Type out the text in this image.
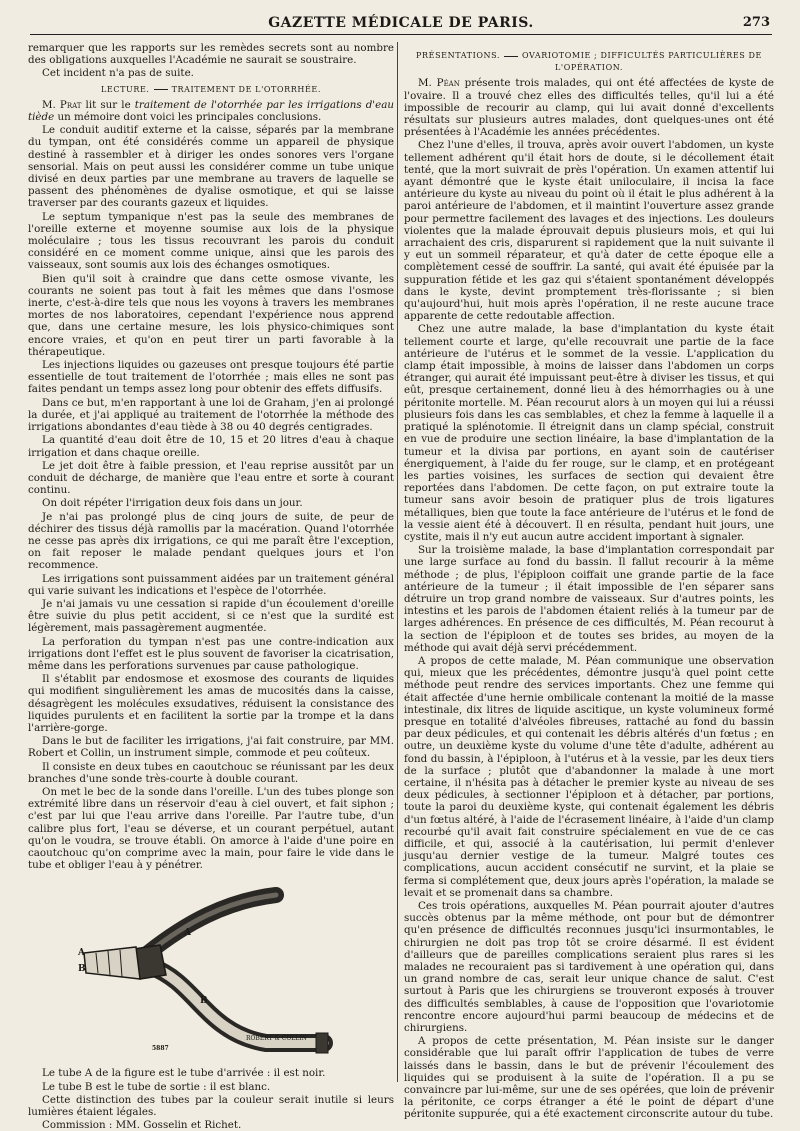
GAZETTE MÉDICALE DE PARIS.	273

remarquer que les rapports sur les remèdes secrets sont au nombre des obligations auxquelles l'Académie ne saurait se soustraire.

Cet incident n'a pas de suite.

LECTURE.	TRAITEMENT DE L'OTORRHÉE.

M. Prat lit sur le traitement de l'otorrhée par les irrigations d'eau tiède un mémoire dont voici les principales conclusions.

Le conduit auditif externe et la caisse, séparés par la membrane du tympan, ont été considérés comme un appareil de physique destiné à rassembler et à diriger les ondes sonores vers l'organe sensorial. Mais on peut aussi les considérer comme un tube unique divisé en deux parties par une membrane au travers de laquelle se passent des phénomènes de dyalise osmotique, et qui se laisse traverser par des courants gazeux et liquides.

Le septum tympanique n'est pas la seule des membranes de l'oreille externe et moyenne soumise aux lois de la physique moléculaire ; tous les tissus recouvrant les parois du conduit considéré en ce moment comme unique, ainsi que les parois des vaisseaux, sont soumis aux lois des échanges osmotiques.

Bien qu'il soit à craindre que dans cette osmose vivante, les courants ne soient pas tout à fait les mêmes que dans l'osmose inerte, c'est-à-dire tels que nous les voyons à travers les membranes mortes de nos laboratoires, cependant l'expérience nous apprend que, dans une certaine mesure, les lois physico-chimiques sont encore vraies, et qu'on en peut tirer un parti favorable à la thérapeutique.

Les injections liquides ou gazeuses ont presque toujours été partie essentielle de tout traitement de l'otorrhée ; mais elles ne sont pas faites pendant un temps assez long pour obtenir des effets diffusifs.

Dans ce but, m'en rapportant à une loi de Graham, j'en ai prolongé la durée, et j'ai appliqué au traitement de l'otorrhée la méthode des irrigations abondantes d'eau tiède à 38 ou 40 degrés centigrades.

La quantité d'eau doit être de 10, 15 et 20 litres d'eau à chaque irrigation et dans chaque oreille.

Le jet doit être à faible pression, et l'eau reprise aussitôt par un conduit de décharge, de manière que l'eau entre et sorte à courant continu.

On doit répéter l'irrigation deux fois dans un jour.

Je n'ai pas prolongé plus de cinq jours de suite, de peur de déchirer des tissus déjà ramollis par la macération. Quand l'otorrhée ne cesse pas après dix irrigations, ce qui me paraît être l'exception, on fait reposer le malade pendant quelques jours et l'on recommence.

Les irrigations sont puissamment aidées par un traitement général qui varie suivant les indications et l'espèce de l'otorrhée.

Je n'ai jamais vu une cessation si rapide d'un écoulement d'oreille être suivie du plus petit accident, si ce n'est que la surdité est légèrement, mais passagèrement augmentée.

La perforation du tympan n'est pas une contre-indication aux irrigations dont l'effet est le plus souvent de favoriser la cicatrisation, même dans les perforations survenues par cause pathologique.

Il s'établit par endosmose et exosmose des courants de liquides qui modifient singulièrement les amas de mucosités dans la caisse, désagrègent les molécules exsudatives, réduisent la consistance des liquides purulents et en facilitent la sortie par la trompe et la dans l'arrière-gorge.

Dans le but de faciliter les irrigations, j'ai fait construire, par MM. Robert et Collin, un instrument simple, commode et peu coûteux.

Il consiste en deux tubes en caoutchouc se réunissant par les deux branches d'une sonde très-courte à double courant.

On met le bec de la sonde dans l'oreille. L'un des tubes plonge son extrémité libre dans un réservoir d'eau à ciel ouvert, et fait siphon ; c'est par lui que l'eau arrive dans l'oreille. Par l'autre tube, d'un calibre plus fort, l'eau se déverse, et un courant perpétuel, autant qu'on le voudra, se trouve établi. On amorce à l'aide d'une poire en caoutchouc qu'on comprime avec la main, pour faire le vide dans le tube et obliger l'eau à y pénétrer.

A
B
A
B
ROBERT & COLLIN
5887

Le tube A de la figure est le tube d'arrivée : il est noir.

Le tube B est le tube de sortie : il est blanc.

Cette distinction des tubes par la couleur serait inutile si leurs lumières étaient légales.

Commission : MM. Gosselin et Richet.

PRÉSENTATIONS.	OVARIOTOMIE ; DIFFICULTÉS PARTICULIÈRES DE L'OPÉRATION.

M. Péan présente trois malades, qui ont été affectées de kyste de l'ovaire. Il a trouvé chez elles des difficultés telles, qu'il lui a été impossible de recourir au clamp, qui lui avait donné d'excellents résultats sur plusieurs autres malades, dont quelques-unes ont été présentées à l'Académie les années précédentes.

Chez l'une d'elles, il trouva, après avoir ouvert l'abdomen, un kyste tellement adhérent qu'il était hors de doute, si le décollement était tenté, que la mort suivrait de près l'opération. Un examen attentif lui ayant démontré que le kyste était uniloculaire, il incisa la face antérieure du kyste au niveau du point où il était le plus adhérent à la paroi antérieure de l'abdomen, et il maintint l'ouverture assez grande pour permettre facilement des lavages et des injections. Les douleurs violentes que la malade éprouvait depuis plusieurs mois, et qui lui arrachaient des cris, disparurent si rapidement que la nuit suivante il y eut un sommeil réparateur, et qu'à dater de cette époque elle a complètement cessé de souffrir. La santé, qui avait été épuisée par la suppuration fétide et les gaz qui s'étaient spontanément développés dans le kyste, devint promptement très-florissante ; si bien qu'aujourd'hui, huit mois après l'opération, il ne reste aucune trace apparente de cette redoutable affection.

Chez une autre malade, la base d'implantation du kyste était tellement courte et large, qu'elle recouvrait une partie de la face antérieure de l'utérus et le sommet de la vessie. L'application du clamp était impossible, à moins de laisser dans l'abdomen un corps étranger, qui aurait été impuissant peut-être à diviser les tissus, et qui eût, presque certainement, donné lieu à des hémorrhagies ou à une péritonite mortelle. M. Péan recourut alors à un moyen qui lui a réussi plusieurs fois dans les cas semblables, et chez la femme à laquelle il a pratiqué la splénotomie. Il étreignit dans un clamp spécial, construit en vue de produire une section linéaire, la base d'implantation de la tumeur et la divisa par portions, en ayant soin de cautériser énergiquement, à l'aide du fer rouge, sur le clamp, et en protégeant les parties voisines, les surfaces de section qui devaient être reportées dans l'abdomen. De cette façon, on put extraire toute la tumeur sans avoir besoin de pratiquer plus de trois ligatures métalliques, bien que toute la face antérieure de l'utérus et le fond de la vessie aient été à découvert. Il en résulta, pendant huit jours, une cystite, mais il n'y eut aucun autre accident important à signaler.

Sur la troisième malade, la base d'implantation correspondait par une large surface au fond du bassin. Il fallut recourir à la même méthode ; de plus, l'épiploon coiffait une grande partie de la face antérieure de la tumeur ; il était impossible de l'en séparer sans détruire un trop grand nombre de vaisseaux. Sur d'autres points, les intestins et les parois de l'abdomen étaient reliés à la tumeur par de larges adhérences. En présence de ces difficultés, M. Péan recourut à la section de l'épiploon et de toutes ses brides, au moyen de la méthode qui avait déjà servi précédemment.

A propos de cette malade, M. Péan communique une observation qui, mieux que les précédentes, démontre jusqu'à quel point cette méthode peut rendre des services importants. Chez une femme qui était affectée d'une hernie ombilicale contenant la moitié de la masse intestinale, dix litres de liquide ascitique, un kyste volumineux formé presque en totalité d'alvéoles fibreuses, rattaché au fond du bassin par deux pédicules, et qui contenait les débris altérés d'un fœtus ; en outre, un deuxième kyste du volume d'une tête d'adulte, adhérent au fond du bassin, à l'épiploon, à l'utérus et à la vessie, par les deux tiers de la surface ; plutôt que d'abandonner la malade à une mort certaine, il n'hésita pas à détacher le premier kyste au niveau de ses deux pédicules, à sectionner l'épiploon et à détacher, par portions, toute la paroi du deuxième kyste, qui contenait également les débris d'un fœtus altéré, à l'aide de l'écrasement linéaire, à l'aide d'un clamp recourbé qu'il avait fait construire spécialement en vue de ce cas difficile, et qui, associé à la cautérisation, lui permit d'enlever jusqu'au dernier vestige de la tumeur. Malgré toutes ces complications, aucun accident consécutif ne survint, et la plaie se ferma si complétement que, deux jours après l'opération, la malade se levait et se promenait dans sa chambre.

Ces trois opérations, auxquelles M. Péan pourrait ajouter d'autres succès obtenus par la même méthode, ont pour but de démontrer qu'en présence de difficultés reconnues jusqu'ici insurmontables, le chirurgien ne doit pas trop tôt se croire désarmé. Il est évident d'ailleurs que de pareilles complications seraient plus rares si les malades ne recouraient pas si tardivement à une opération qui, dans un grand nombre de cas, serait leur unique chance de salut. C'est surtout à Paris que les chirurgiens se trouveront exposés à trouver des difficultés semblables, à cause de l'opposition que l'ovariotomie rencontre encore aujourd'hui parmi beaucoup de médecins et de chirurgiens.

A propos de cette présentation, M. Péan insiste sur le danger considérable que lui paraît offrir l'application de tubes de verre laissés dans le bassin, dans le but de prévenir l'écoulement des liquides qui se produisent à la suite de l'opération. Il a pu se convaincre par lui-même, sur une de ses opérées, que loin de prévenir la péritonite, ce corps étranger a été le point de départ d'une péritonite suppurée, qui a été exactement circonscrite autour du tube.
